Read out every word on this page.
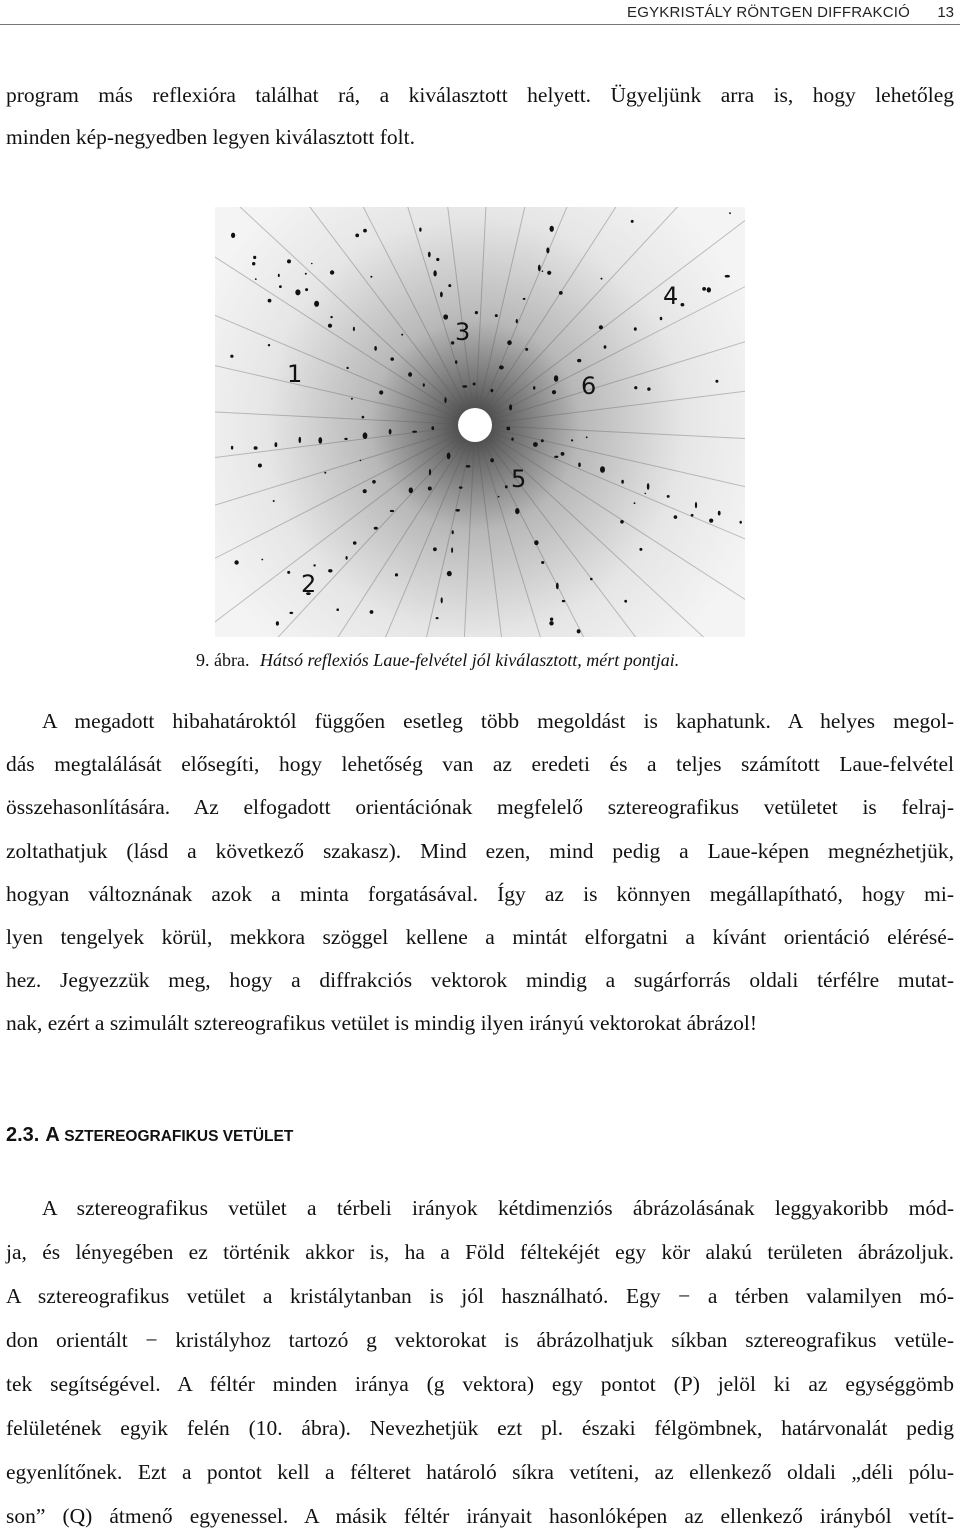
EGYKRISTÁLY RÖNTGEN DIFFRAKCIÓ 13
program más reflexióra találhat rá, a kiválasztott helyett. Ügyeljünk arra is, hogy lehetőleg
minden kép-negyedben legyen kiválasztott folt.
1
2
3
4
5
6
9. ábra. Hátsó reflexiós Laue-felvétel jól kiválasztott, mért pontjai.
A megadott hibahatároktól függően esetleg több megoldást is kaphatunk. A helyes megol-
dás megtalálását elősegíti, hogy lehetőség van az eredeti és a teljes számított Laue-felvétel
összehasonlítására. Az elfogadott orientációnak megfelelő sztereografikus vetületet is felraj-
zoltathatjuk (lásd a következő szakasz). Mind ezen, mind pedig a Laue-képen megnézhetjük,
hogyan változnának azok a minta forgatásával. Így az is könnyen megállapítható, hogy mi-
lyen tengelyek körül, mekkora szöggel kellene a mintát elforgatni a kívánt orientáció elérésé-
hez. Jegyezzük meg, hogy a diffrakciós vektorok mindig a sugárforrás oldali térfélre mutat-
nak, ezért a szimulált sztereografikus vetület is mindig ilyen irányú vektorokat ábrázol!
2.3. A SZTEREOGRAFIKUS VETÜLET
A sztereografikus vetület a térbeli irányok kétdimenziós ábrázolásának leggyakoribb mód-
ja, és lényegében ez történik akkor is, ha a Föld féltekéjét egy kör alakú területen ábrázoljuk.
A sztereografikus vetület a kristálytanban is jól használható. Egy − a térben valamilyen mó-
don orientált − kristályhoz tartozó g vektorokat is ábrázolhatjuk síkban sztereografikus vetüle-
tek segítségével. A féltér minden iránya (g vektora) egy pontot (P) jelöl ki az egységgömb
felületének egyik felén (10. ábra). Nevezhetjük ezt pl. északi félgömbnek, határvonalát pedig
egyenlítőnek. Ezt a pontot kell a félteret határoló síkra vetíteni, az ellenkező oldali „déli pólu-
son” (Q) átmenő egyenessel. A másik féltér irányait hasonlóképen az ellenkező irányból vetít-
